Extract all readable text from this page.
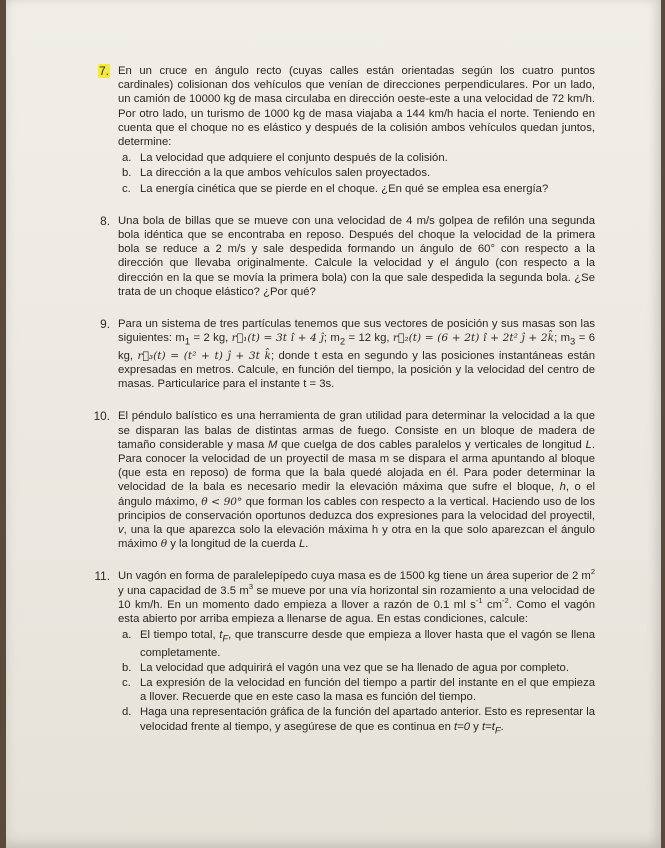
7. En un cruce en ángulo recto (cuyas calles están orientadas según los cuatro puntos cardinales) colisionan dos vehículos que venían de direcciones perpendiculares. Por un lado, un camión de 10000 kg de masa circulaba en dirección oeste-este a una velocidad de 72 km/h. Por otro lado, un turismo de 1000 kg de masa viajaba a 144 km/h hacia el norte. Teniendo en cuenta que el choque no es elástico y después de la colisión ambos vehículos quedan juntos, determine:
a. La velocidad que adquiere el conjunto después de la colisión.
b. La dirección a la que ambos vehículos salen proyectados.
c. La energía cinética que se pierde en el choque. ¿En qué se emplea esa energía?
8. Una bola de billas que se mueve con una velocidad de 4 m/s golpea de refilón una segunda bola idéntica que se encontraba en reposo. Después del choque la velocidad de la primera bola se reduce a 2 m/s y sale despedida formando un ángulo de 60° con respecto a la dirección que llevaba originalmente. Calcule la velocidad y el ángulo (con respecto a la dirección en la que se movía la primera bola) con la que sale despedida la segunda bola. ¿Se trata de un choque elástico? ¿Por qué?
9. Para un sistema de tres partículas tenemos que sus vectores de posición y sus masas son las siguientes: $m_1 = 2$ kg, r⃗₁(t) = 3t î + 4 ĵ; $m_2 = 12$ kg, r⃗₂(t) = (6 + 2t) î + 2t² ĵ + 2k̂; $m_3 = 6$ kg, r⃗₃(t) = (t² + t) ĵ + 3t k̂; donde t esta en segundo y las posiciones instantáneas están expresadas en metros. Calcule, en función del tiempo, la posición y la velocidad del centro de masas. Particularice para el instante t = 3s.
10. El péndulo balístico es una herramienta de gran utilidad para determinar la velocidad a la que se disparan las balas de distintas armas de fuego. Consiste en un bloque de madera de tamaño considerable y masa M que cuelga de dos cables paralelos y verticales de longitud L. Para conocer la velocidad de un proyectil de masa m se dispara el arma apuntando al bloque (que esta en reposo) de forma que la bala quedé alojada en él. Para poder determinar la velocidad de la bala es necesario medir la elevación máxima que sufre el bloque, h, o el ángulo máximo, θ < 90° que forman los cables con respecto a la vertical. Haciendo uso de los principios de conservación oportunos deduzca dos expresiones para la velocidad del proyectil, v, una la que aparezca solo la elevación máxima h y otra en la que solo aparezcan el ángulo máximo θ y la longitud de la cuerda L.
11. Un vagón en forma de paralelepípedo cuya masa es de 1500 kg tiene un área superior de 2 $m^2$ y una capacidad de 3.5 $m^3$ se mueve por una vía horizontal sin rozamiento a una velocidad de 10 km/h. En un momento dado empieza a llover a razón de 0.1 ml $s^{-1}$ $cm^{-2}$. Como el vagón esta abierto por arriba empieza a llenarse de agua. En estas condiciones, calcule:
a. El tiempo total, $t_F$, que transcurre desde que empieza a llover hasta que el vagón se llena completamente.
b. La velocidad que adquirirá el vagón una vez que se ha llenado de agua por completo.
c. La expresión de la velocidad en función del tiempo a partir del instante en el que empieza a llover. Recuerde que en este caso la masa es función del tiempo.
d. Haga una representación gráfica de la función del apartado anterior. Esto es representar la velocidad frente al tiempo, y asegúrese de que es continua en t=0 y $t=t_F$.
